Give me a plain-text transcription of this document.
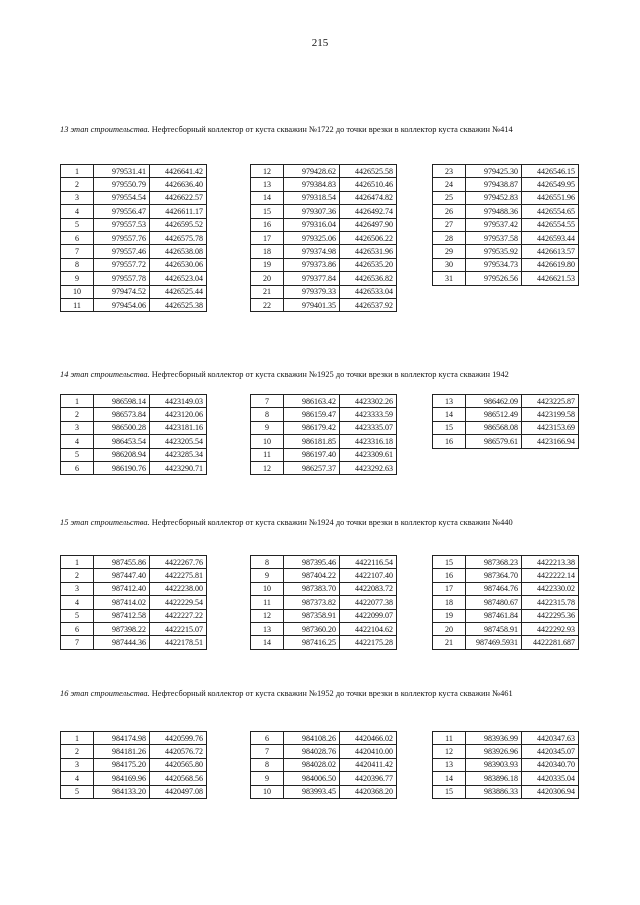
215

13 этап строительства. Нефтесборный коллектор от куста скважин №1722 до точки врезки в коллектор куста скважин №414

1	979531.41	4426641.42
2	979550.79	4426636.40
3	979554.54	4426622.57
4	979556.47	4426611.17
5	979557.53	4426595.52
6	979557.76	4426575.78
7	979557.46	4426538.08
8	979557.72	4426530.06
9	979557.78	4426523.04
10	979474.52	4426525.44
11	979454.06	4426525.38
12	979428.62	4426525.58
13	979384.83	4426510.46
14	979318.54	4426474.82
15	979307.36	4426492.74
16	979316.04	4426497.90
17	979325.06	4426506.22
18	979374.98	4426531.96
19	979373.86	4426535.20
20	979377.84	4426536.82
21	979379.33	4426533.04
22	979401.35	4426537.92
23	979425.30	4426546.15
24	979438.87	4426549.95
25	979452.83	4426551.96
26	979488.36	4426554.65
27	979537.42	4426554.55
28	979537.58	4426593.44
29	979535.92	4426613.57
30	979534.73	4426619.80
31	979526.56	4426621.53

14 этап строительства. Нефтесборный коллектор от куста скважин №1925 до точки врезки в коллектор куста скважин 1942

1	986598.14	4423149.03
2	986573.84	4423120.06
3	986500.28	4423181.16
4	986453.54	4423205.54
5	986208.94	4423285.34
6	986190.76	4423290.71
7	986163.42	4423302.26
8	986159.47	4423333.59
9	986179.42	4423335.07
10	986181.85	4423316.18
11	986197.40	4423309.61
12	986257.37	4423292.63
13	986462.09	4423225.87
14	986512.49	4423199.58
15	986568.08	4423153.69
16	986579.61	4423166.94

15 этап строительства. Нефтесборный коллектор от куста скважин №1924 до точки врезки в коллектор куста скважин №440

1	987455.86	4422267.76
2	987447.40	4422275.81
3	987412.40	4422238.00
4	987414.02	4422229.54
5	987412.58	4422227.22
6	987398.22	4422215.07
7	987444.36	4422178.51
8	987395.46	4422116.54
9	987404.22	4422107.40
10	987383.70	4422083.72
11	987373.82	4422077.38
12	987358.91	4422099.07
13	987360.20	4422104.62
14	987416.25	4422175.28
15	987368.23	4422213.38
16	987364.70	4422222.14
17	987464.76	4422330.02
18	987480.67	4422315.78
19	987461.84	4422295.36
20	987458.91	4422292.93
21	987469.5931	4422281.687

16 этап строительства. Нефтесборный коллектор от куста скважин №1952 до точки врезки в коллектор куста скважин №461

1	984174.98	4420599.76
2	984181.26	4420576.72
3	984175.20	4420565.80
4	984169.96	4420568.56
5	984133.20	4420497.08
6	984108.26	4420466.02
7	984028.76	4420410.00
8	984028.02	4420411.42
9	984006.50	4420396.77
10	983993.45	4420368.20
11	983936.99	4420347.63
12	983926.96	4420345.07
13	983903.93	4420340.70
14	983896.18	4420335.04
15	983886.33	4420306.94
